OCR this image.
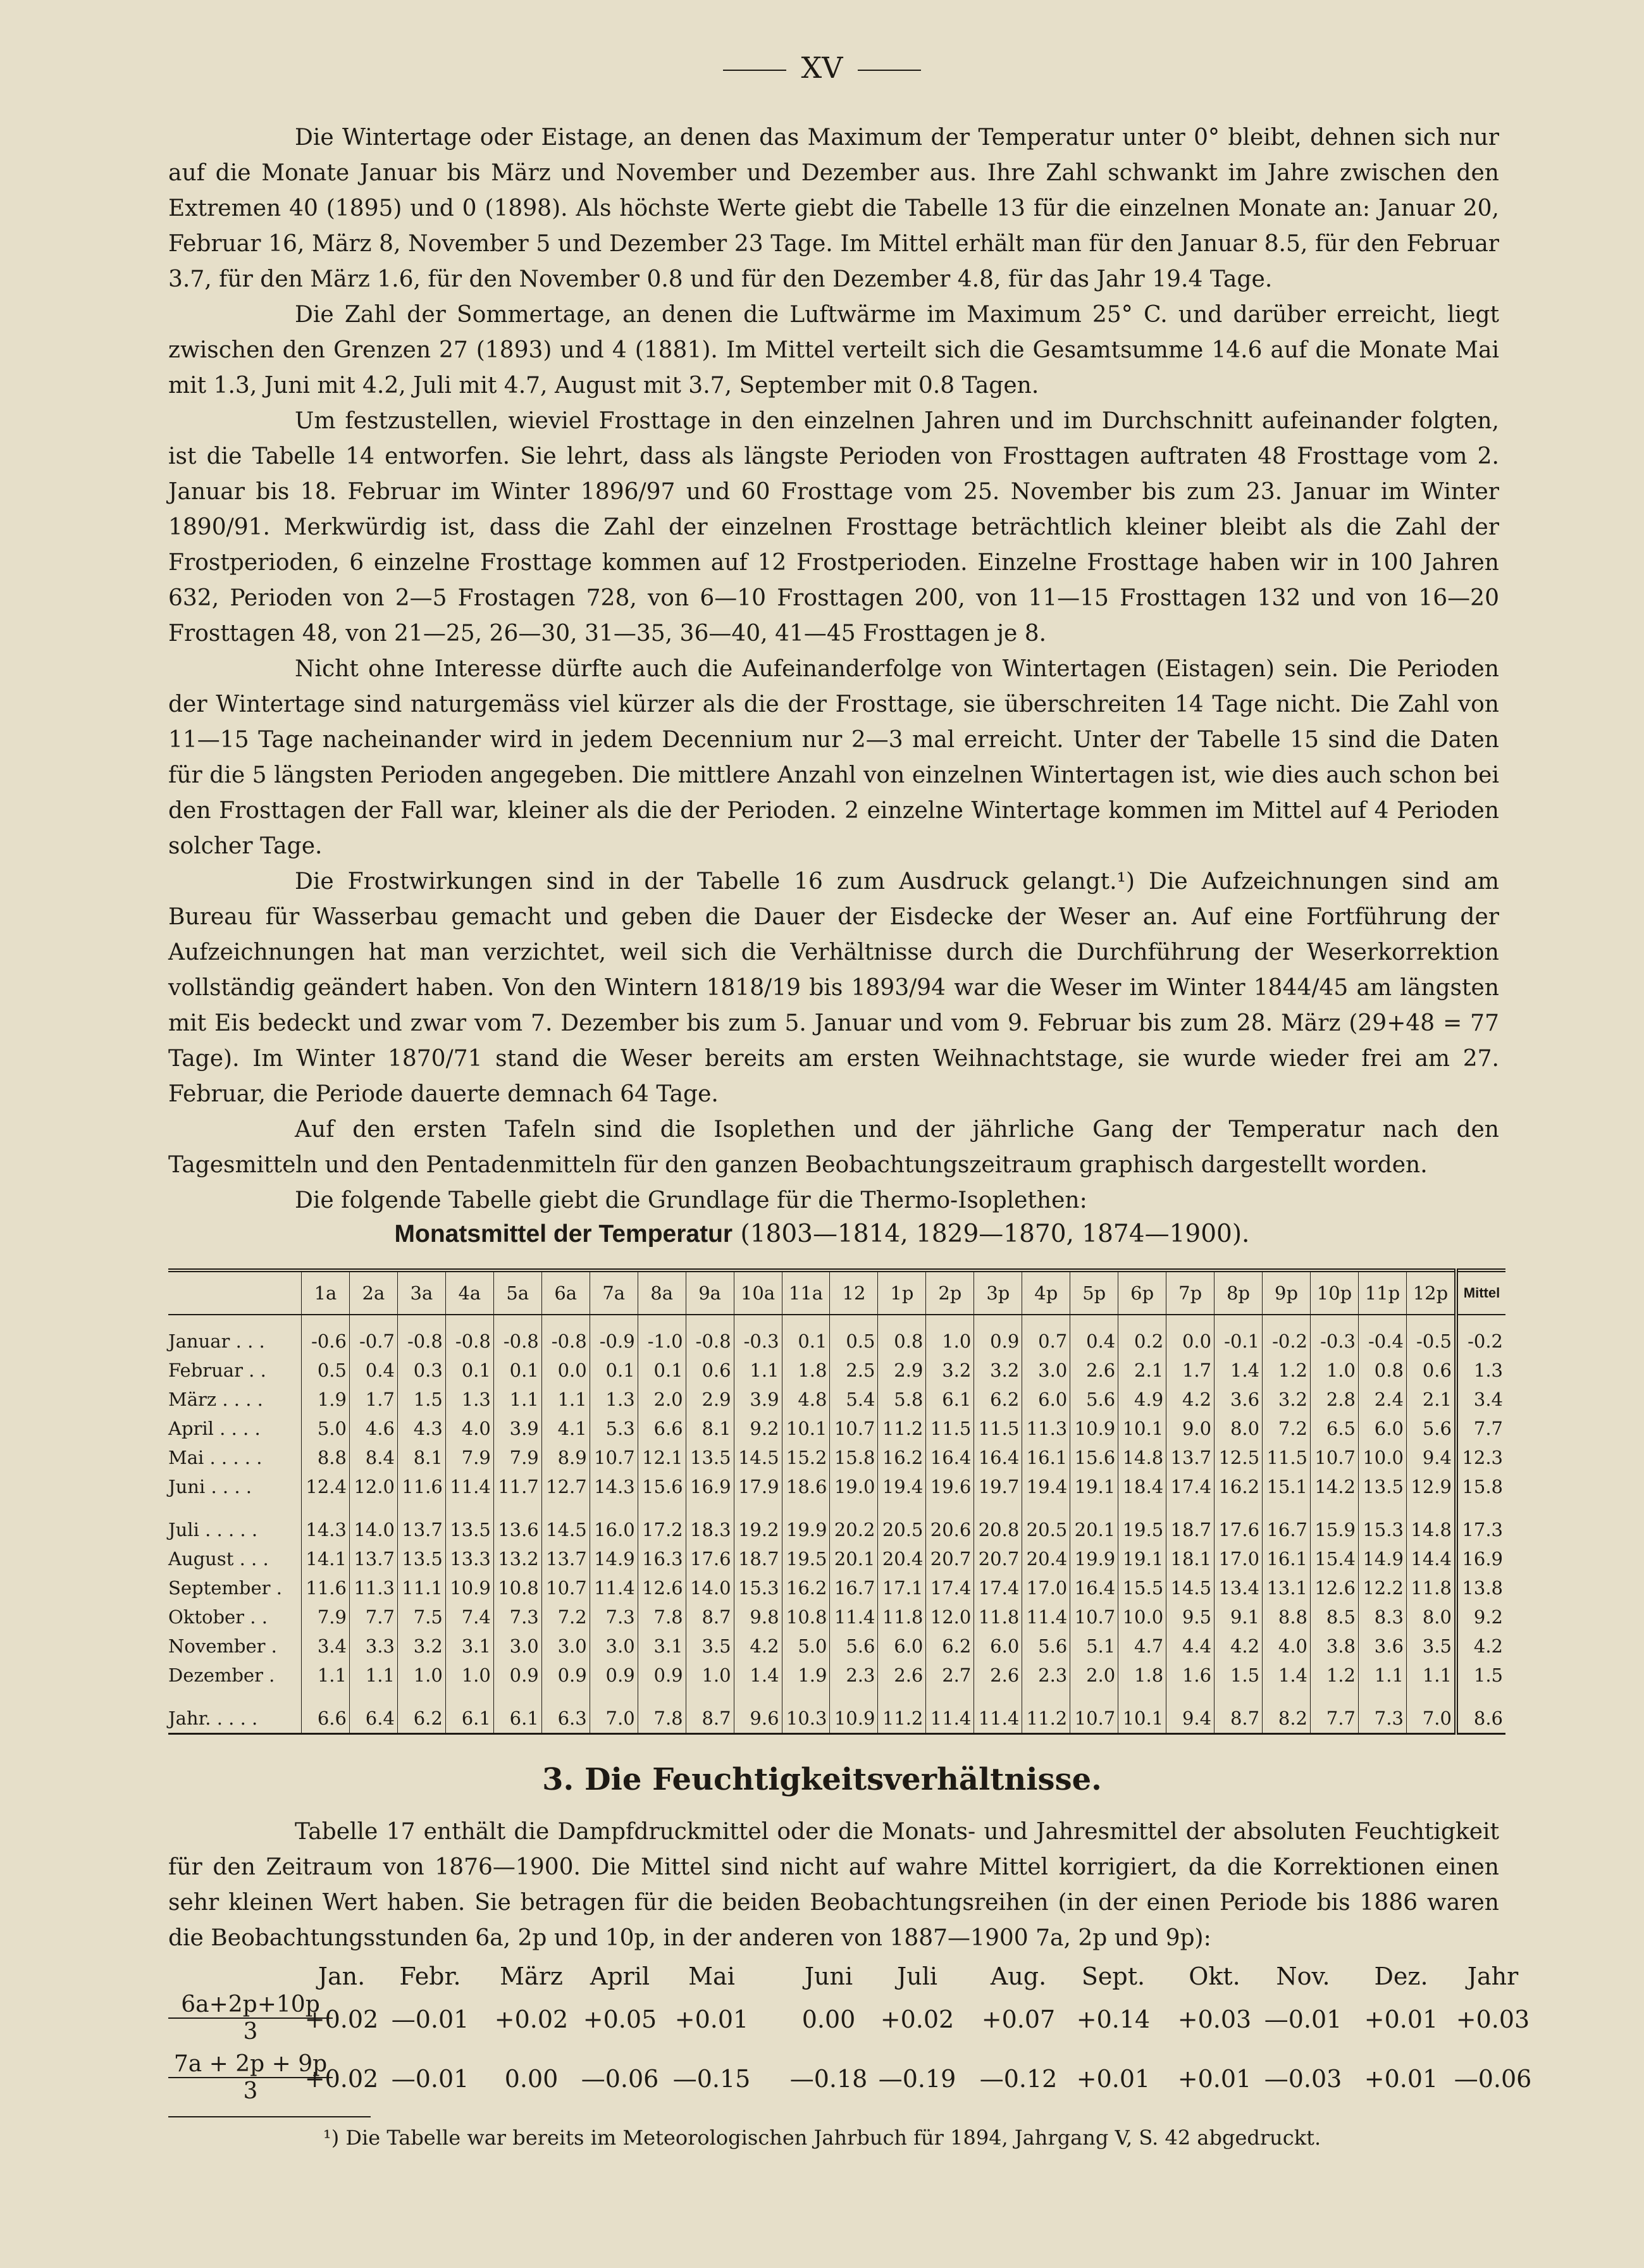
XV

Die Wintertage oder Eistage, an denen das Maximum der Temperatur unter 0° bleibt, dehnen sich nur auf die Monate Januar bis März und November und Dezember aus. Ihre Zahl schwankt im Jahre zwischen den Extremen 40 (1895) und 0 (1898). Als höchste Werte giebt die Tabelle 13 für die einzelnen Monate an: Januar 20, Februar 16, März 8, November 5 und Dezember 23 Tage. Im Mittel erhält man für den Januar 8.5, für den Februar 3.7, für den März 1.6, für den November 0.8 und für den Dezember 4.8, für das Jahr 19.4 Tage.

Die Zahl der Sommertage, an denen die Luftwärme im Maximum 25° C. und darüber erreicht, liegt zwischen den Grenzen 27 (1893) und 4 (1881). Im Mittel verteilt sich die Gesamtsumme 14.6 auf die Monate Mai mit 1.3, Juni mit 4.2, Juli mit 4.7, August mit 3.7, September mit 0.8 Tagen.

Um festzustellen, wieviel Frosttage in den einzelnen Jahren und im Durchschnitt aufeinander folgten, ist die Tabelle 14 entworfen. Sie lehrt, dass als längste Perioden von Frosttagen auftraten 48 Frosttage vom 2. Januar bis 18. Februar im Winter 1896/97 und 60 Frosttage vom 25. November bis zum 23. Januar im Winter 1890/91. Merkwürdig ist, dass die Zahl der einzelnen Frosttage beträchtlich kleiner bleibt als die Zahl der Frostperioden, 6 einzelne Frosttage kommen auf 12 Frostperioden. Einzelne Frosttage haben wir in 100 Jahren 632, Perioden von 2—5 Frostagen 728, von 6—10 Frosttagen 200, von 11—15 Frosttagen 132 und von 16—20 Frosttagen 48, von 21—25, 26—30, 31—35, 36—40, 41—45 Frosttagen je 8.

Nicht ohne Interesse dürfte auch die Aufeinanderfolge von Wintertagen (Eistagen) sein. Die Perioden der Wintertage sind naturgemäss viel kürzer als die der Frosttage, sie überschreiten 14 Tage nicht. Die Zahl von 11—15 Tage nacheinander wird in jedem Decennium nur 2—3 mal erreicht. Unter der Tabelle 15 sind die Daten für die 5 längsten Perioden angegeben. Die mittlere Anzahl von einzelnen Wintertagen ist, wie dies auch schon bei den Frosttagen der Fall war, kleiner als die der Perioden. 2 einzelne Wintertage kommen im Mittel auf 4 Perioden solcher Tage.

Die Frostwirkungen sind in der Tabelle 16 zum Ausdruck gelangt.¹) Die Aufzeichnungen sind am Bureau für Wasserbau gemacht und geben die Dauer der Eisdecke der Weser an. Auf eine Fortführung der Aufzeichnungen hat man verzichtet, weil sich die Verhältnisse durch die Durchführung der Weserkorrektion vollständig geändert haben. Von den Wintern 1818/19 bis 1893/94 war die Weser im Winter 1844/45 am längsten mit Eis bedeckt und zwar vom 7. Dezember bis zum 5. Januar und vom 9. Februar bis zum 28. März (29+48 = 77 Tage). Im Winter 1870/71 stand die Weser bereits am ersten Weihnachtstage, sie wurde wieder frei am 27. Februar, die Periode dauerte demnach 64 Tage.

Auf den ersten Tafeln sind die Isoplethen und der jährliche Gang der Temperatur nach den Tagesmitteln und den Pentadenmitteln für den ganzen Beobachtungszeitraum graphisch dargestellt worden.

Die folgende Tabelle giebt die Grundlage für die Thermo-Isoplethen:

Monatsmittel der Temperatur (1803—1814, 1829—1870, 1874—1900).
	1a	2a	3a	4a	5a	6a	7a	8a	9a	10a	11a	12	1p	2p	3p	4p	5p	6p	7p	8p	9p	10p	11p	12p	Mittel
Januar . . .	-0.6	-0.7	-0.8	-0.8	-0.8	-0.8	-0.9	-1.0	-0.8	-0.3	0.1	0.5	0.8	1.0	0.9	0.7	0.4	0.2	0.0	-0.1	-0.2	-0.3	-0.4	-0.5	-0.2
Februar . .	0.5	0.4	0.3	0.1	0.1	0.0	0.1	0.1	0.6	1.1	1.8	2.5	2.9	3.2	3.2	3.0	2.6	2.1	1.7	1.4	1.2	1.0	0.8	0.6	1.3
März . . . .	1.9	1.7	1.5	1.3	1.1	1.1	1.3	2.0	2.9	3.9	4.8	5.4	5.8	6.1	6.2	6.0	5.6	4.9	4.2	3.6	3.2	2.8	2.4	2.1	3.4
April . . . .	5.0	4.6	4.3	4.0	3.9	4.1	5.3	6.6	8.1	9.2	10.1	10.7	11.2	11.5	11.5	11.3	10.9	10.1	9.0	8.0	7.2	6.5	6.0	5.6	7.7
Mai . . . . .	8.8	8.4	8.1	7.9	7.9	8.9	10.7	12.1	13.5	14.5	15.2	15.8	16.2	16.4	16.4	16.1	15.6	14.8	13.7	12.5	11.5	10.7	10.0	9.4	12.3
Juni . . . .	12.4	12.0	11.6	11.4	11.7	12.7	14.3	15.6	16.9	17.9	18.6	19.0	19.4	19.6	19.7	19.4	19.1	18.4	17.4	16.2	15.1	14.2	13.5	12.9	15.8

Juli . . . . .	14.3	14.0	13.7	13.5	13.6	14.5	16.0	17.2	18.3	19.2	19.9	20.2	20.5	20.6	20.8	20.5	20.1	19.5	18.7	17.6	16.7	15.9	15.3	14.8	17.3
August . . .	14.1	13.7	13.5	13.3	13.2	13.7	14.9	16.3	17.6	18.7	19.5	20.1	20.4	20.7	20.7	20.4	19.9	19.1	18.1	17.0	16.1	15.4	14.9	14.4	16.9
September .	11.6	11.3	11.1	10.9	10.8	10.7	11.4	12.6	14.0	15.3	16.2	16.7	17.1	17.4	17.4	17.0	16.4	15.5	14.5	13.4	13.1	12.6	12.2	11.8	13.8
Oktober . .	7.9	7.7	7.5	7.4	7.3	7.2	7.3	7.8	8.7	9.8	10.8	11.4	11.8	12.0	11.8	11.4	10.7	10.0	9.5	9.1	8.8	8.5	8.3	8.0	9.2
November .	3.4	3.3	3.2	3.1	3.0	3.0	3.0	3.1	3.5	4.2	5.0	5.6	6.0	6.2	6.0	5.6	5.1	4.7	4.4	4.2	4.0	3.8	3.6	3.5	4.2
Dezember .	1.1	1.1	1.0	1.0	0.9	0.9	0.9	0.9	1.0	1.4	1.9	2.3	2.6	2.7	2.6	2.3	2.0	1.8	1.6	1.5	1.4	1.2	1.1	1.1	1.5

Jahr. . . . .	6.6	6.4	6.2	6.1	6.1	6.3	7.0	7.8	8.7	9.6	10.3	10.9	11.2	11.4	11.4	11.2	10.7	10.1	9.4	8.7	8.2	7.7	7.3	7.0	8.6
3. Die Feuchtigkeitsverhältnisse.

Tabelle 17 enthält die Dampfdruckmittel oder die Monats- und Jahresmittel der absoluten Feuchtigkeit für den Zeitraum von 1876—1900. Die Mittel sind nicht auf wahre Mittel korrigiert, da die Korrektionen einen sehr kleinen Wert haben. Sie betragen für die beiden Beobachtungsreihen (in der einen Periode bis 1886 waren die Beobachtungsstunden 6a, 2p und 10p, in der anderen von 1887—1900 7a, 2p und 9p):

Jan.	Febr.	März	April	Mai	Juni	Juli	Aug.	Sept.	Okt.	Nov.	Dez.	Jahr
$\frac{6a+2p+10p}{3}$
+0.02 —0.01	+0.02 +0.05 +0.01	0.00	+0.02	+0.07 +0.14	+0.03 —0.01 +0.01 +0.03
$\frac{7a + 2p + 9p}{3}$
+0.02 —0.01	0.00 —0.06 —0.15	—0.18 —0.19 —0.12 +0.01	+0.01 —0.03 +0.01 —0.06
¹) Die Tabelle war bereits im Meteorologischen Jahrbuch für 1894, Jahrgang V, S. 42 abgedruckt.
